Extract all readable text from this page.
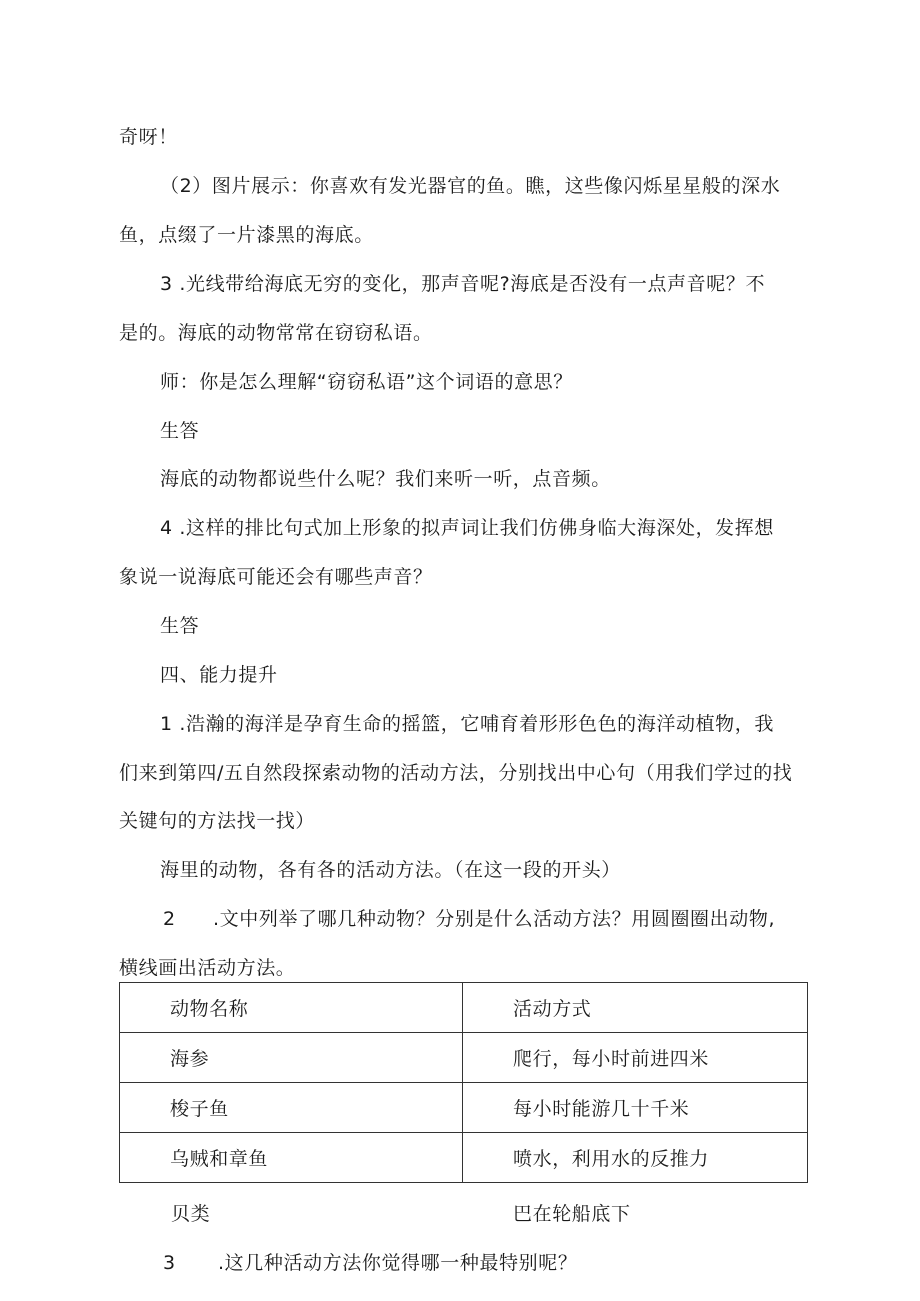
奇呀！
（2）图片展示：你喜欢有发光器官的鱼。瞧，这些像闪烁星星般的深水
鱼，点缀了一片漆黑的海底。
3 .光线带给海底无穷的变化，那声音呢?海底是否没有一点声音呢？不
是的。海底的动物常常在窃窃私语。
师：你是怎么理解“窃窃私语”这个词语的意思？
生答
海底的动物都说些什么呢？我们来听一听，点音频。
4 .这样的排比句式加上形象的拟声词让我们仿佛身临大海深处，发挥想
象说一说海底可能还会有哪些声音？
生答
四、能力提升
1 .浩瀚的海洋是孕育生命的摇篮，它哺育着形形色色的海洋动植物，我
们来到第四/五自然段探索动物的活动方法，分别找出中心句（用我们学过的找
关键句的方法找一找）
海里的动物，各有各的活动方法。（在这一段的开头）
2 .文中列举了哪几种动物？分别是什么活动方法？用圆圈圈出动物,
横线画出活动方法。
动物名称	活动方式
海参	爬行，每小时前进四米
梭子鱼	每小时能游几十千米
乌贼和章鱼	喷水，利用水的反推力
贝类	巴在轮船底下
3 .这几种活动方法你觉得哪一种最特别呢？
